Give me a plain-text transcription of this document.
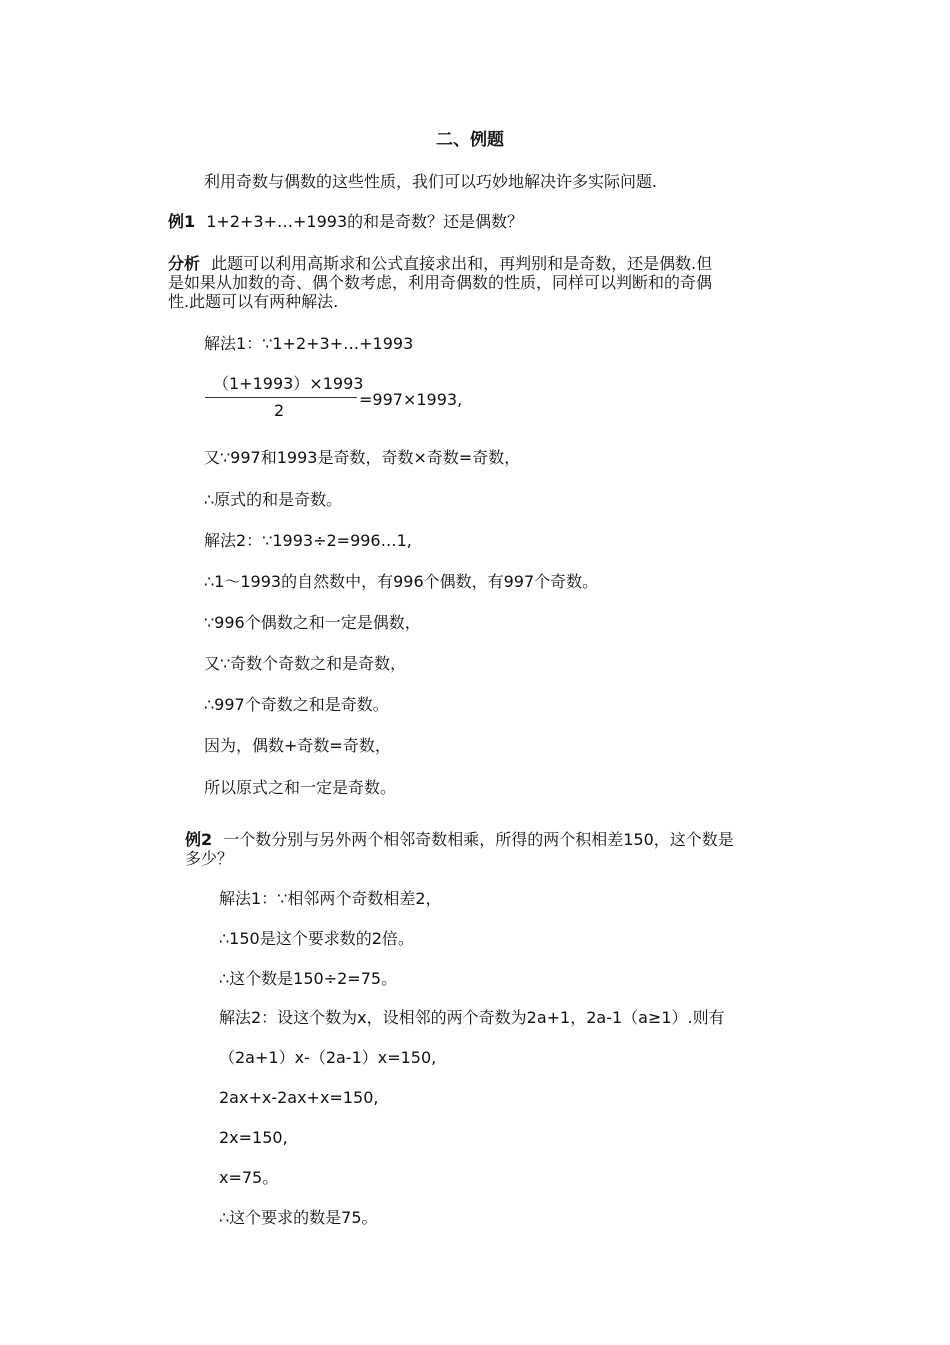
二、例题
利用奇数与偶数的这些性质，我们可以巧妙地解决许多实际问题.
例1 1+2+3+…+1993的和是奇数？还是偶数？
分析 此题可以利用高斯求和公式直接求出和，再判别和是奇数，还是偶数.但
是如果从加数的奇、偶个数考虑，利用奇偶数的性质，同样可以判断和的奇偶
性.此题可以有两种解法.
解法1：∵1+2+3+…+1993
（1+1993）×1993
2
=997×1993,
又∵997和1993是奇数，奇数×奇数=奇数，
∴原式的和是奇数。
解法2：∵1993÷2=996…1,
∴1～1993的自然数中，有996个偶数，有997个奇数。
∵996个偶数之和一定是偶数，
又∵奇数个奇数之和是奇数，
∴997个奇数之和是奇数。
因为，偶数+奇数=奇数，
所以原式之和一定是奇数。
例2 一个数分别与另外两个相邻奇数相乘，所得的两个积相差150，这个数是
多少？
解法1：∵相邻两个奇数相差2，
∴150是这个要求数的2倍。
∴这个数是150÷2=75。
解法2：设这个数为x，设相邻的两个奇数为2a+1，2a-1（a≥1）.则有
（2a+1）x-（2a-1）x=150,
2ax+x-2ax+x=150,
2x=150,
x=75。
∴这个要求的数是75。
